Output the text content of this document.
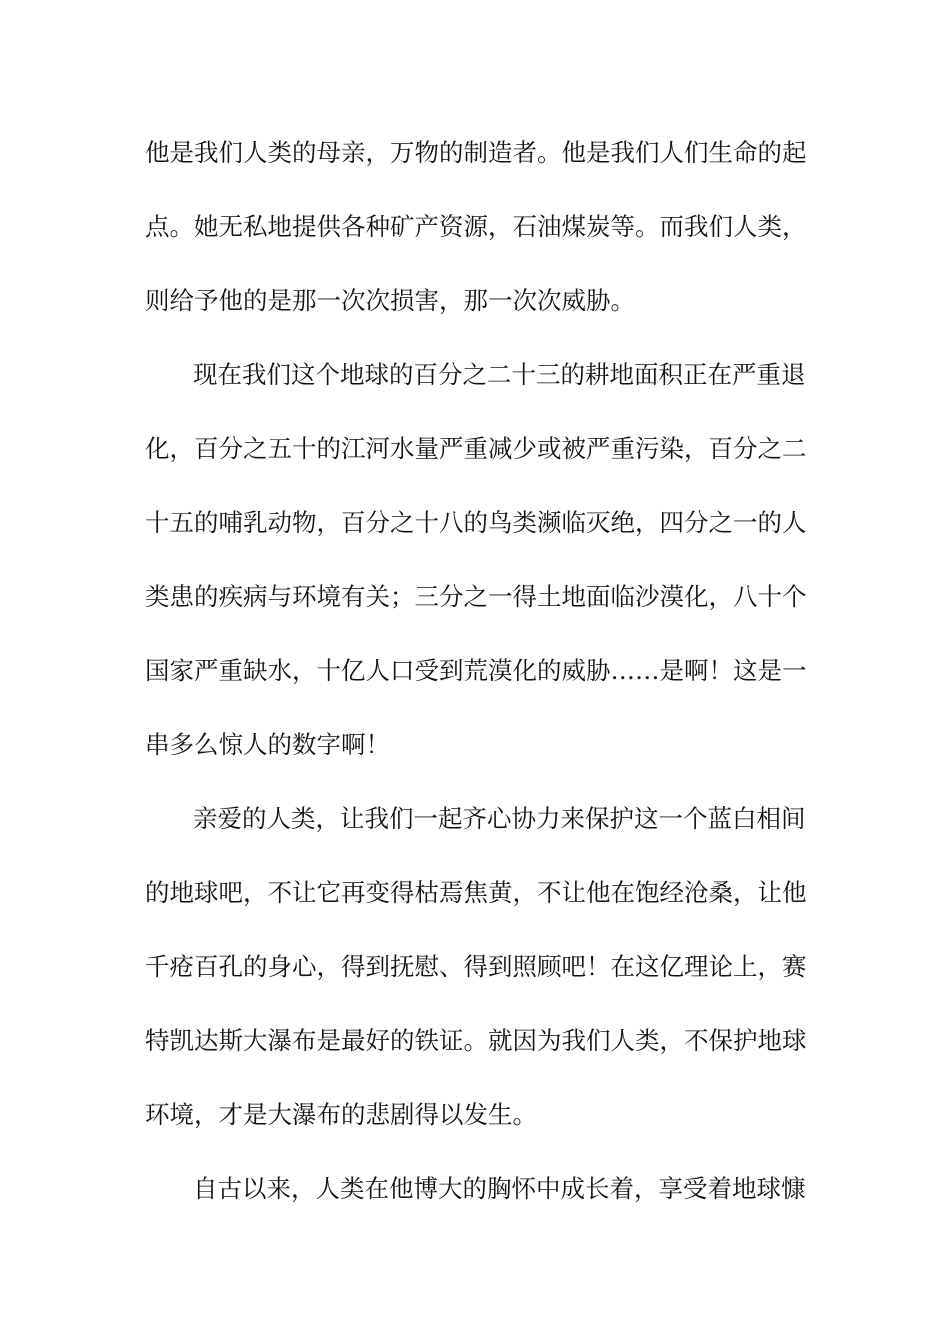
他是我们人类的母亲，万物的制造者。他是我们人们生命的起
点。她无私地提供各种矿产资源，石油煤炭等。而我们人类，
则给予他的是那一次次损害，那一次次威胁。
现在我们这个地球的百分之二十三的耕地面积正在严重退
化，百分之五十的江河水量严重减少或被严重污染，百分之二
十五的哺乳动物，百分之十八的鸟类濒临灭绝，四分之一的人
类患的疾病与环境有关；三分之一得土地面临沙漠化，八十个
国家严重缺水，十亿人口受到荒漠化的威胁……是啊！这是一
串多么惊人的数字啊！
亲爱的人类，让我们一起齐心协力来保护这一个蓝白相间
的地球吧，不让它再变得枯焉焦黄，不让他在饱经沧桑，让他
千疮百孔的身心，得到抚慰、得到照顾吧！在这亿理论上，赛
特凯达斯大瀑布是最好的铁证。就因为我们人类，不保护地球
环境，才是大瀑布的悲剧得以发生。
自古以来，人类在他博大的胸怀中成长着，享受着地球慷
